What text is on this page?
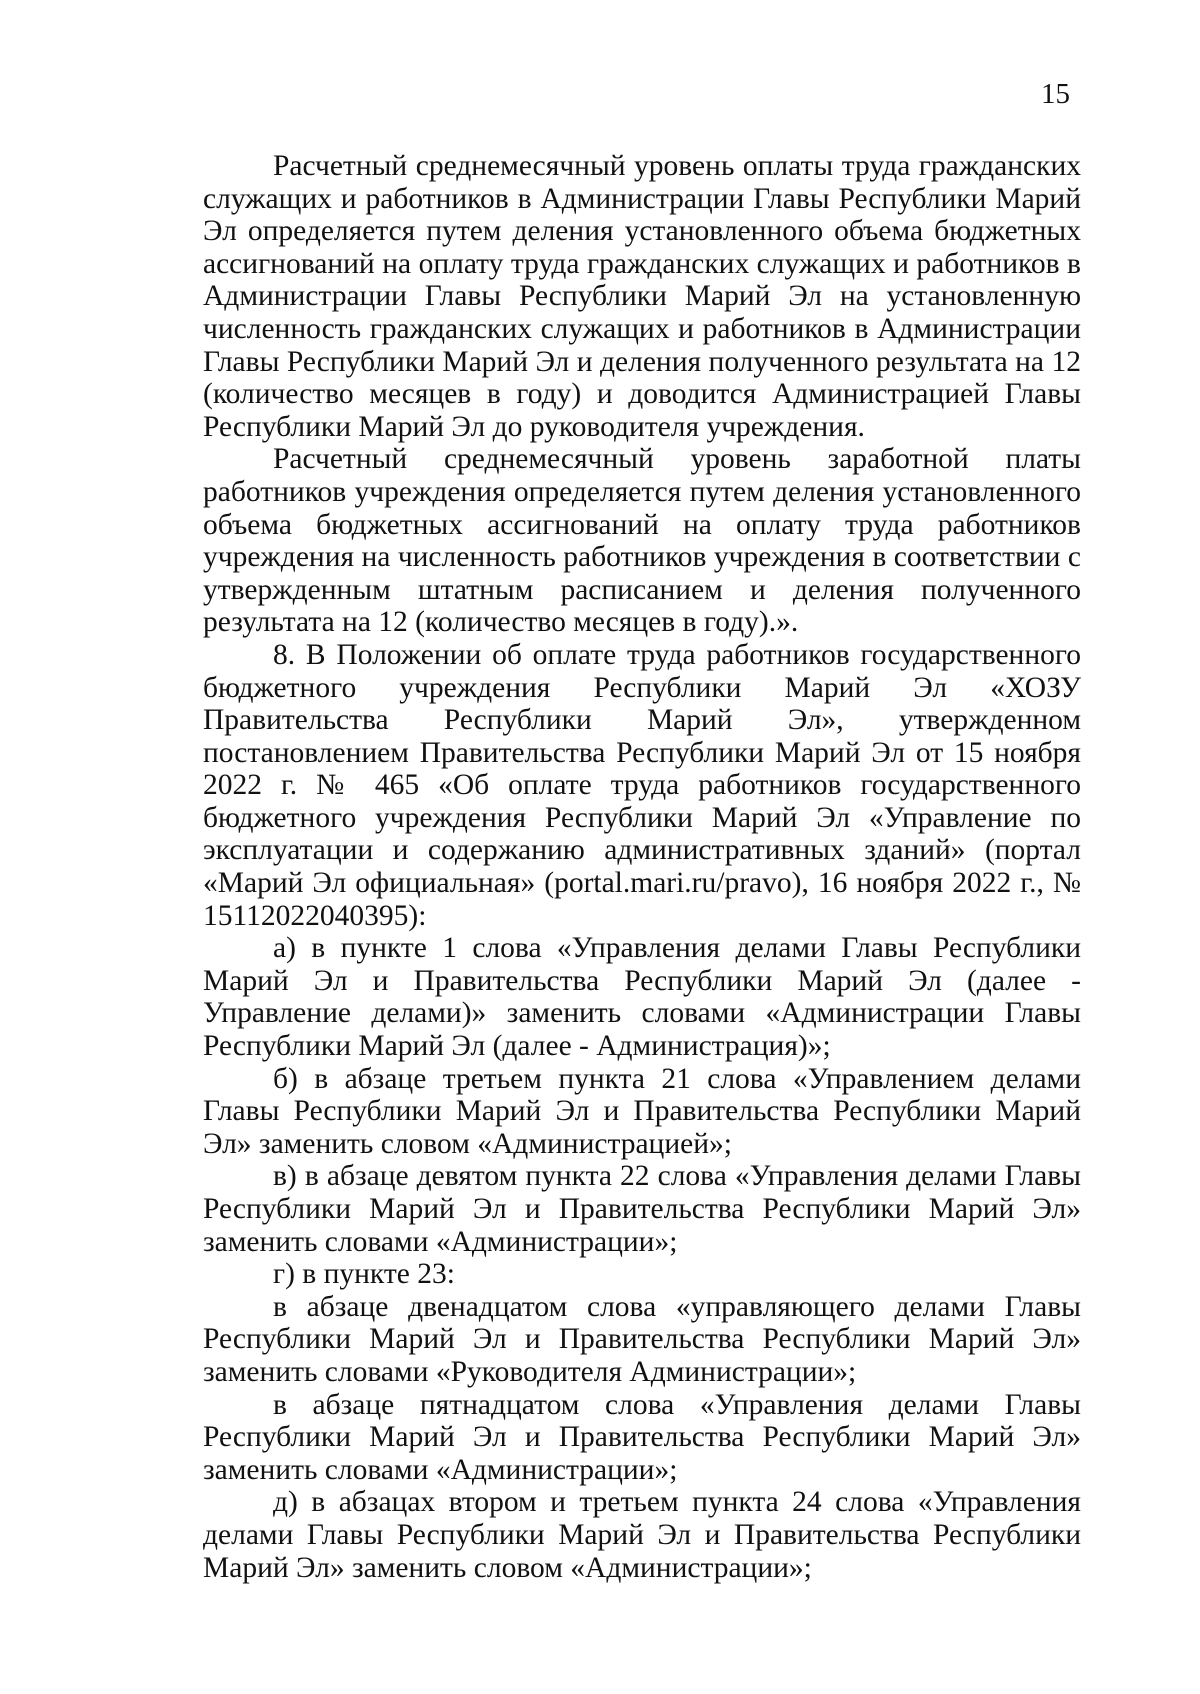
15

Расчетный среднемесячный уровень оплаты труда гражданских служащих и работников в Администрации Главы Республики Марий Эл определяется путем деления установленного объема бюджетных ассигнований на оплату труда гражданских служащих и работников в Администрации Главы Республики Марий Эл на установленную численность гражданских служащих и работников в Администрации Главы Республики Марий Эл и деления полученного результата на 12 (количество месяцев в году) и доводится Администрацией Главы Республики Марий Эл до руководителя учреждения.

Расчетный среднемесячный уровень заработной платы работников учреждения определяется путем деления установленного объема бюджетных ассигнований на оплату труда работников учреждения на численность работников учреждения в соответствии с утвержденным штатным расписанием и деления полученного результата на 12 (количество месяцев в году).».

8. В Положении об оплате труда работников государственного бюджетного учреждения Республики Марий Эл «ХОЗУ Правительства Республики Марий Эл», утвержденном постановлением Правительства Республики Марий Эл от 15 ноября 2022 г. № 465 «Об оплате труда работников государственного бюджетного учреждения Республики Марий Эл «Управление по эксплуатации и содержанию административных зданий» (портал «Марий Эл официальная» (portal.mari.ru/pravo), 16 ноября 2022 г., № 15112022040395):

а) в пункте 1 слова «Управления делами Главы Республики Марий Эл и Правительства Республики Марий Эл (далее - Управление делами)» заменить словами «Администрации Главы Республики Марий Эл (далее - Администрация)»;

б) в абзаце третьем пункта 21 слова «Управлением делами Главы Республики Марий Эл и Правительства Республики Марий Эл» заменить словом «Администрацией»;

в) в абзаце девятом пункта 22 слова «Управления делами Главы Республики Марий Эл и Правительства Республики Марий Эл» заменить словами «Администрации»;

г) в пункте 23:

в абзаце двенадцатом слова «управляющего делами Главы Республики Марий Эл и Правительства Республики Марий Эл» заменить словами «Руководителя Администрации»;

в абзаце пятнадцатом слова «Управления делами Главы Республики Марий Эл и Правительства Республики Марий Эл» заменить словами «Администрации»;

д) в абзацах втором и третьем пункта 24 слова «Управления делами Главы Республики Марий Эл и Правительства Республики Марий Эл» заменить словом «Администрации»;
